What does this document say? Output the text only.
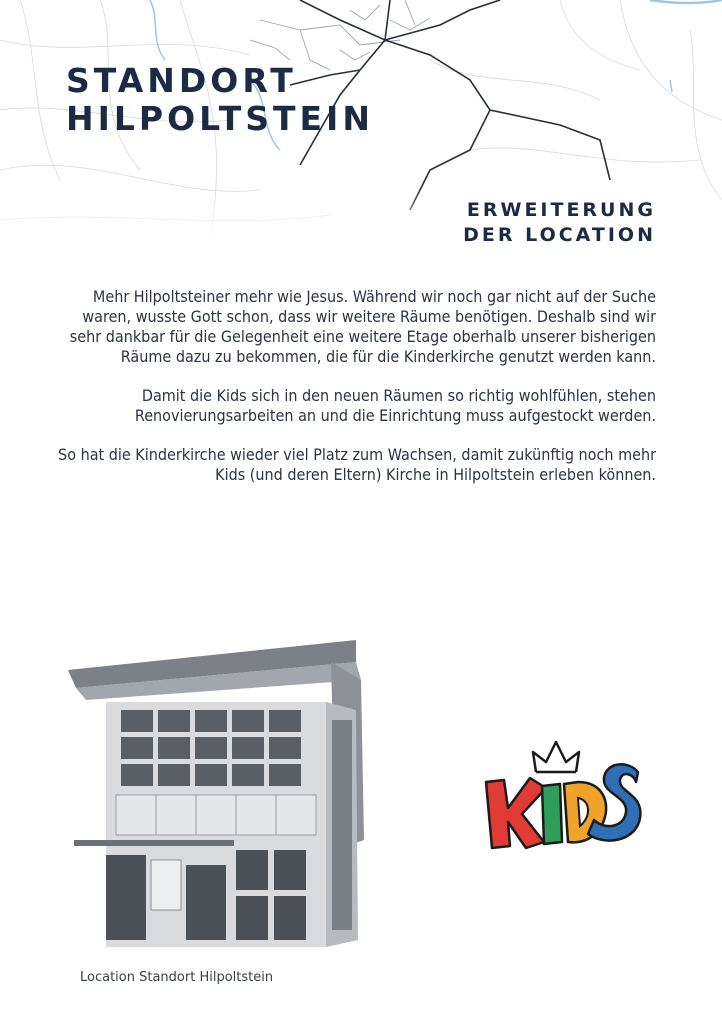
STANDORT
HILPOLTSTEIN
ERWEITERUNG
DER LOCATION

Mehr Hilpoltsteiner mehr wie Jesus. Während wir noch gar nicht auf der Suche waren, wusste Gott schon, dass wir weitere Räume benötigen. Deshalb sind wir sehr dankbar für die Gelegenheit eine weitere Etage oberhalb unserer bisherigen Räume dazu zu bekommen, die für die Kinderkirche genutzt werden kann.

Damit die Kids sich in den neuen Räumen so richtig wohlfühlen, stehen Renovierungsarbeiten an und die Einrichtung muss aufgestockt werden.

So hat die Kinderkirche wieder viel Platz zum Wachsen, damit zukünftig noch mehr Kids (und deren Eltern) Kirche in Hilpoltstein erleben können.

Location Standort Hilpoltstein
